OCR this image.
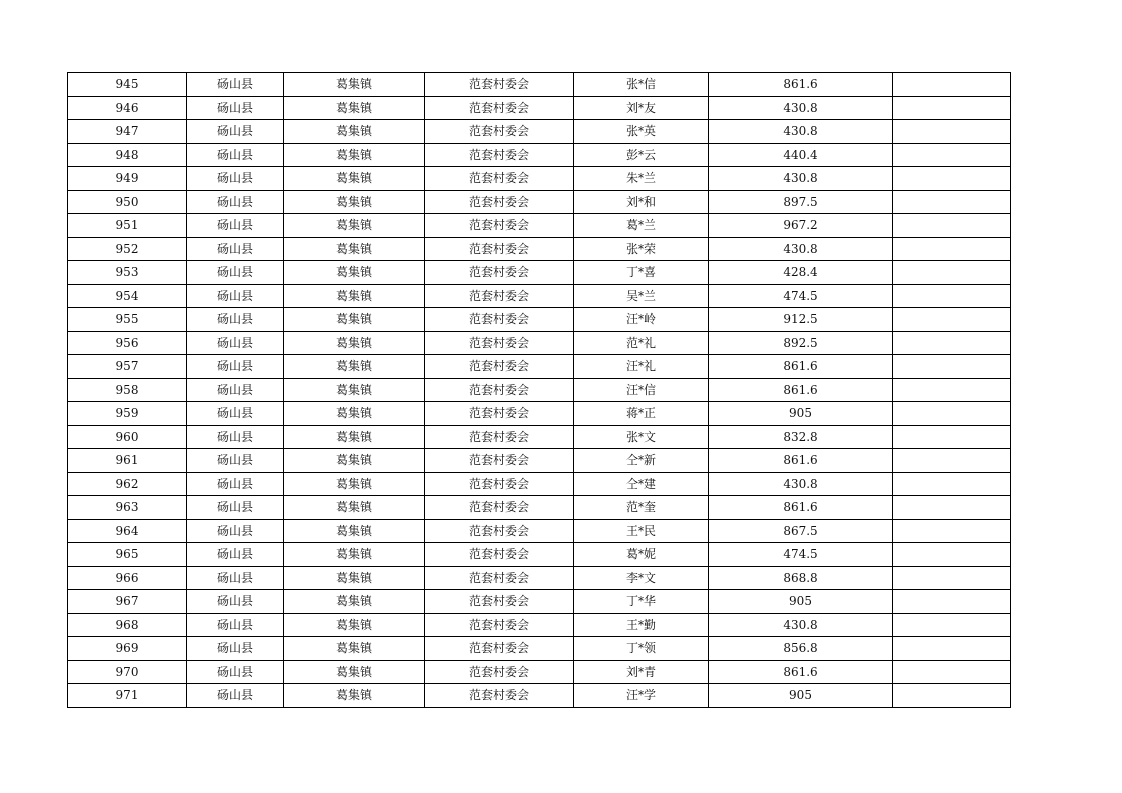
945	砀山县	葛集镇	范套村委会	张*信	861.6	
946	砀山县	葛集镇	范套村委会	刘*友	430.8	
947	砀山县	葛集镇	范套村委会	张*英	430.8	
948	砀山县	葛集镇	范套村委会	彭*云	440.4	
949	砀山县	葛集镇	范套村委会	朱*兰	430.8	
950	砀山县	葛集镇	范套村委会	刘*和	897.5	
951	砀山县	葛集镇	范套村委会	葛*兰	967.2	
952	砀山县	葛集镇	范套村委会	张*荣	430.8	
953	砀山县	葛集镇	范套村委会	丁*喜	428.4	
954	砀山县	葛集镇	范套村委会	吴*兰	474.5	
955	砀山县	葛集镇	范套村委会	汪*岭	912.5	
956	砀山县	葛集镇	范套村委会	范*礼	892.5	
957	砀山县	葛集镇	范套村委会	汪*礼	861.6	
958	砀山县	葛集镇	范套村委会	汪*信	861.6	
959	砀山县	葛集镇	范套村委会	蒋*正	905	
960	砀山县	葛集镇	范套村委会	张*文	832.8	
961	砀山县	葛集镇	范套村委会	仝*新	861.6	
962	砀山县	葛集镇	范套村委会	仝*建	430.8	
963	砀山县	葛集镇	范套村委会	范*奎	861.6	
964	砀山县	葛集镇	范套村委会	王*民	867.5	
965	砀山县	葛集镇	范套村委会	葛*妮	474.5	
966	砀山县	葛集镇	范套村委会	李*文	868.8	
967	砀山县	葛集镇	范套村委会	丁*华	905	
968	砀山县	葛集镇	范套村委会	王*勤	430.8	
969	砀山县	葛集镇	范套村委会	丁*领	856.8	
970	砀山县	葛集镇	范套村委会	刘*青	861.6	
971	砀山县	葛集镇	范套村委会	汪*学	905	
